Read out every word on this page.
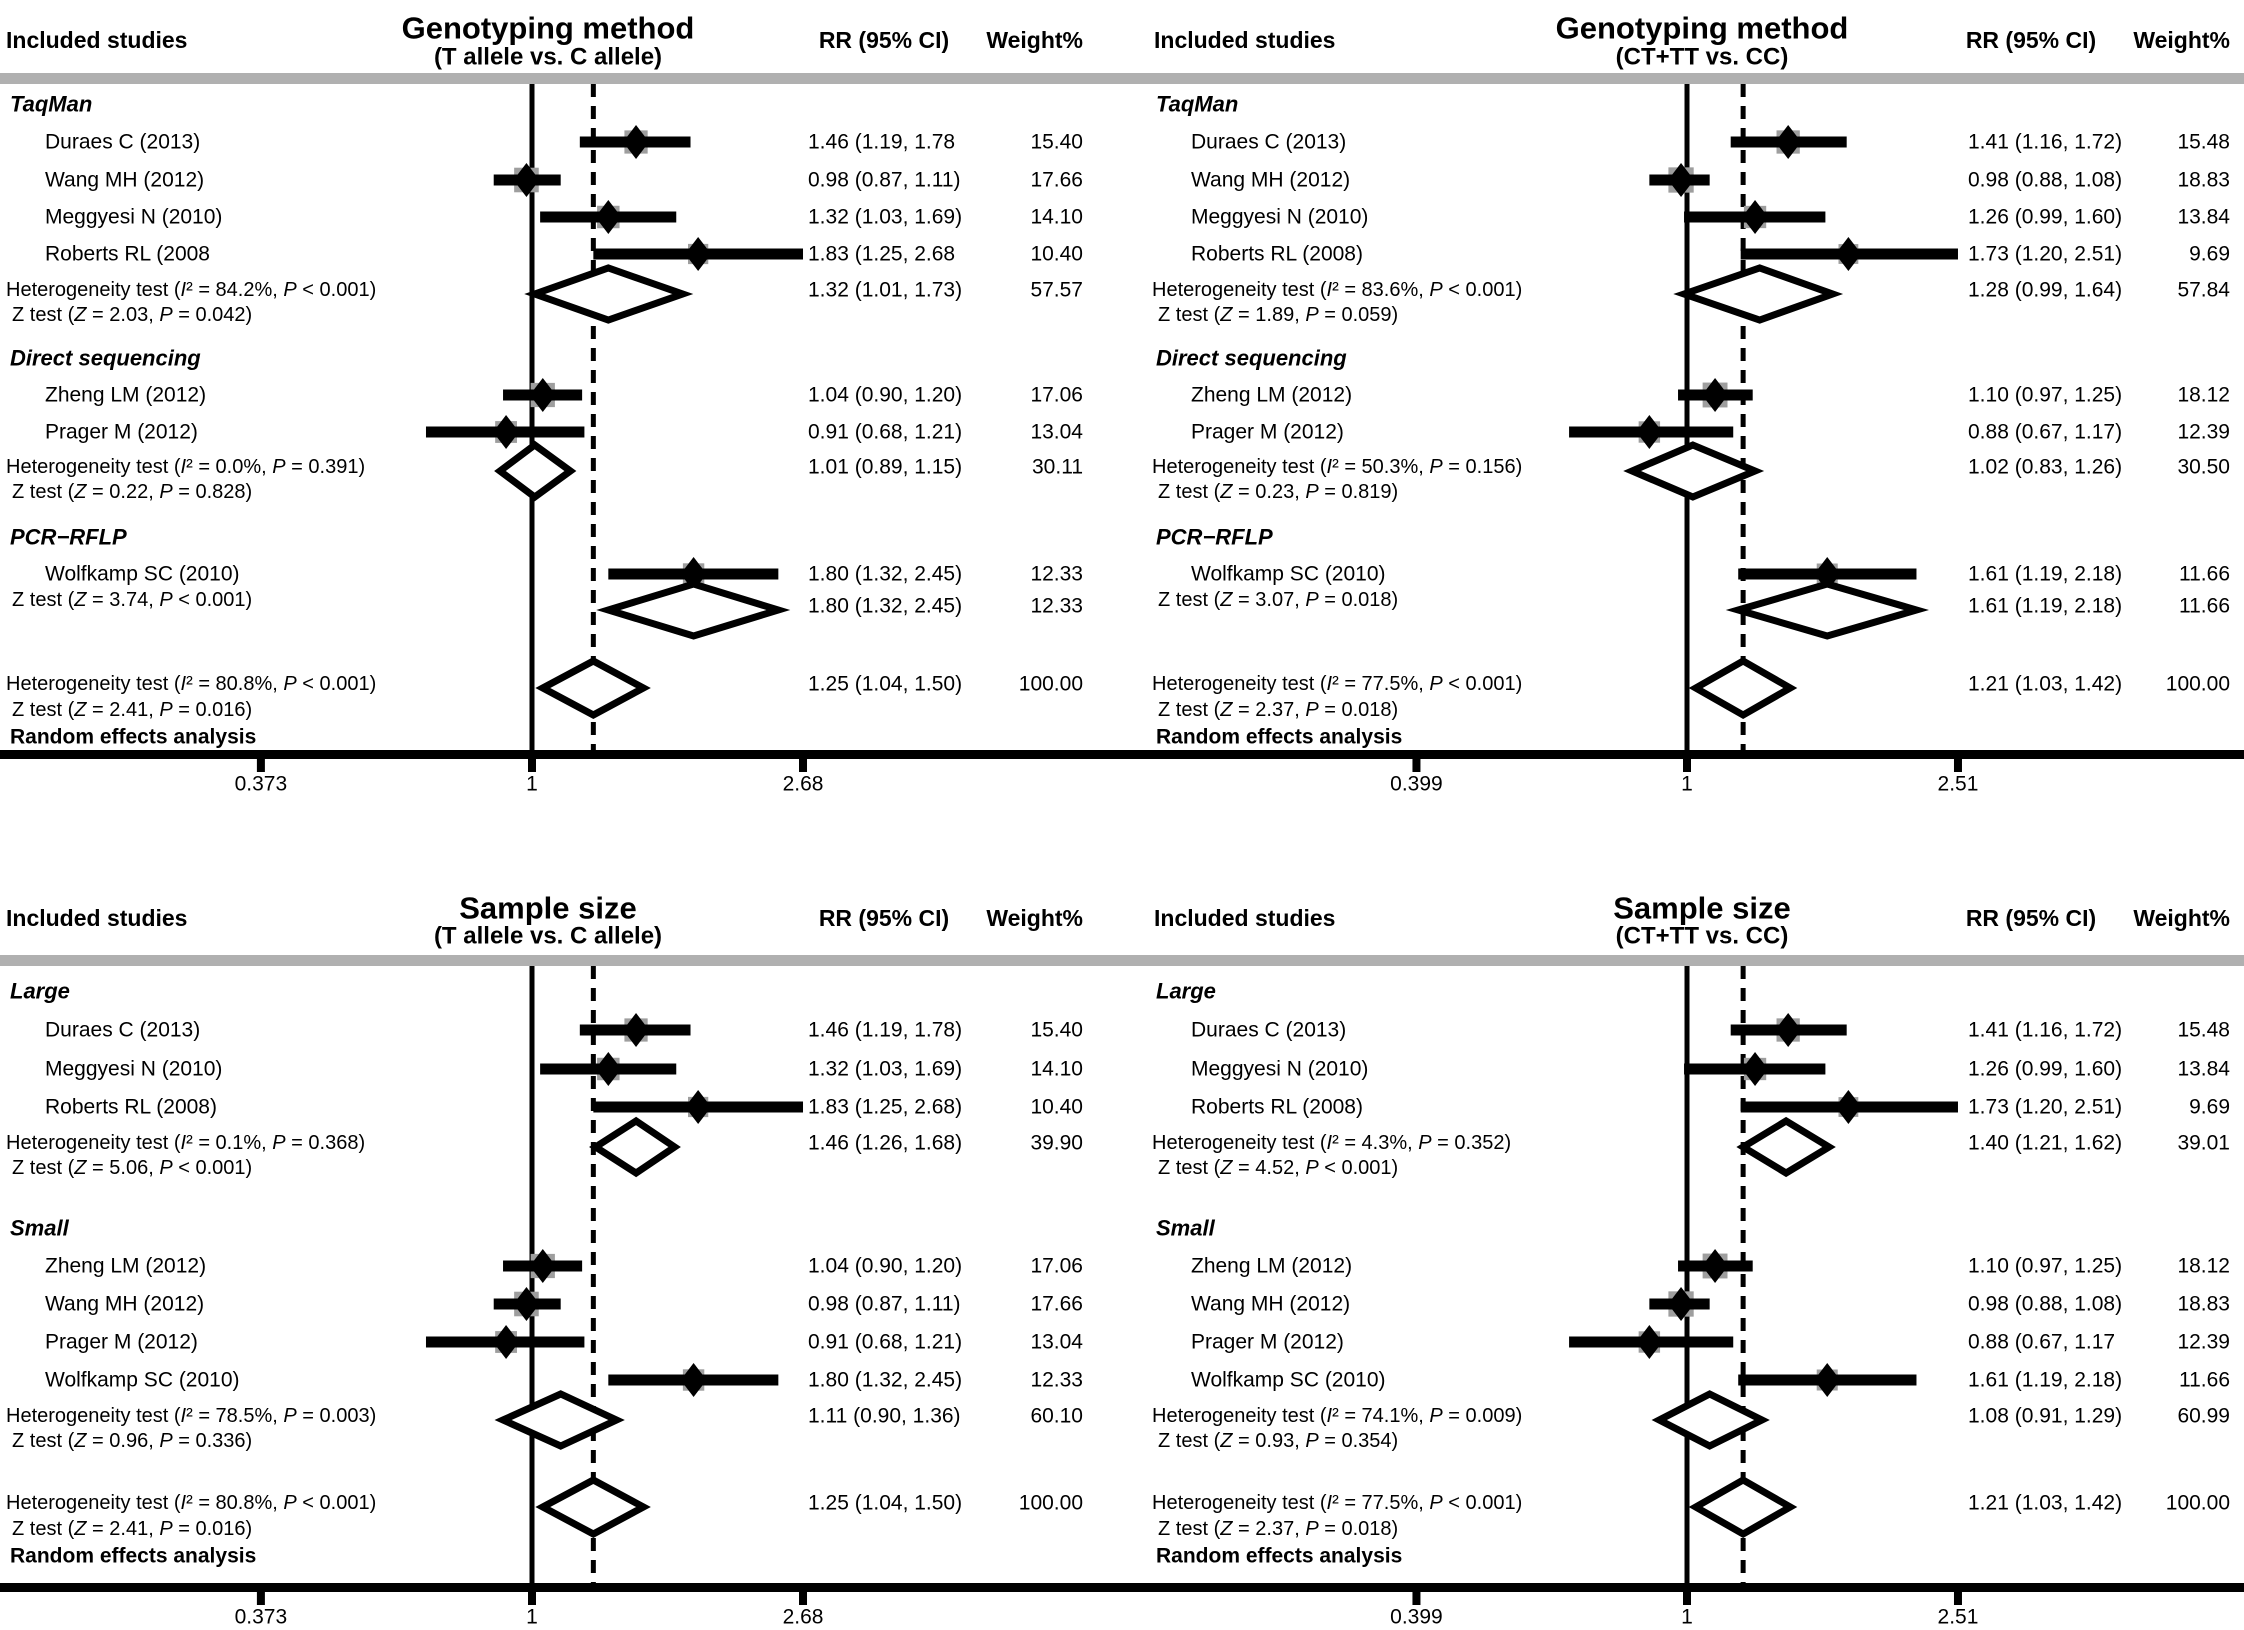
Included studies	Genotyping method
(T allele vs. C allele)
RR (95% CI) Weight%
TaqMan
Duraes C (2013)	1.46 (1.19, 1.78	15.40
Wang MH (2012)	0.98 (0.87, 1.11)	17.66
Meggyesi N (2010)	1.32 (1.03, 1.69)	14.10
Roberts RL (2008	1.83 (1.25, 2.68	10.40
Heterogeneity test (I² = 84.2%, P < 0.001)
Z test (Z = 2.03, P = 0.042)
1.32 (1.01, 1.73)	57.57
Direct sequencing
Zheng LM (2012)	1.04 (0.90, 1.20)	17.06
Prager M (2012)	0.91 (0.68, 1.21)	13.04
Heterogeneity test (I² = 0.0%, P = 0.391)
Z test (Z = 0.22, P = 0.828)
1.01 (0.89, 1.15)	30.11
PCR−RFLP
Wolfkamp SC (2010)	1.80 (1.32, 2.45)	12.33
Z test (Z = 3.74, P < 0.001)	1.80 (1.32, 2.45)	12.33
Heterogeneity test (I² = 80.8%, P < 0.001)
Z test (Z = 2.41, P = 0.016)
Random effects analysis
1.25 (1.04, 1.50)	100.00
0.373	1	2.68
Included studies	Genotyping method
(CT+TT vs. CC)
RR (95% CI) Weight%
TaqMan
Duraes C (2013)	1.41 (1.16, 1.72)	15.48
Wang MH (2012)	0.98 (0.88, 1.08)	18.83
Meggyesi N (2010)	1.26 (0.99, 1.60)	13.84
Roberts RL (2008)	1.73 (1.20, 2.51)	9.69
Heterogeneity test (I² = 83.6%, P < 0.001)
Z test (Z = 1.89, P = 0.059)
1.28 (0.99, 1.64)	57.84
Direct sequencing
Zheng LM (2012)	1.10 (0.97, 1.25)	18.12
Prager M (2012)	0.88 (0.67, 1.17)	12.39
Heterogeneity test (I² = 50.3%, P = 0.156)
Z test (Z = 0.23, P = 0.819)
1.02 (0.83, 1.26)	30.50
PCR−RFLP
Wolfkamp SC (2010)	1.61 (1.19, 2.18)	11.66
Z test (Z = 3.07, P = 0.018)	1.61 (1.19, 2.18)	11.66
Heterogeneity test (I² = 77.5%, P < 0.001)
Z test (Z = 2.37, P = 0.018)
Random effects analysis
1.21 (1.03, 1.42) 100.00
0.399	1	2.51
Included studies	Sample size
(T allele vs. C allele)
RR (95% CI) Weight%
Large
Duraes C (2013)	1.46 (1.19, 1.78)	15.40
Meggyesi N (2010)	1.32 (1.03, 1.69)	14.10
Roberts RL (2008)	1.83 (1.25, 2.68)	10.40
Heterogeneity test (I² = 0.1%, P = 0.368)
Z test (Z = 5.06, P < 0.001)
1.46 (1.26, 1.68)	39.90
Small
Zheng LM (2012)	1.04 (0.90, 1.20)	17.06
Wang MH (2012)	0.98 (0.87, 1.11)	17.66
Prager M (2012)	0.91 (0.68, 1.21)	13.04
Wolfkamp SC (2010)	1.80 (1.32, 2.45)	12.33
Heterogeneity test (I² = 78.5%, P = 0.003)
Z test (Z = 0.96, P = 0.336)
1.11 (0.90, 1.36)	60.10
Heterogeneity test (I² = 80.8%, P < 0.001)
Z test (Z = 2.41, P = 0.016)
Random effects analysis
1.25 (1.04, 1.50)	100.00
0.373	1	2.68
Included studies	Sample size
(CT+TT vs. CC)
RR (95% CI) Weight%
Large
Duraes C (2013)	1.41 (1.16, 1.72)	15.48
Meggyesi N (2010)	1.26 (0.99, 1.60)	13.84
Roberts RL (2008)	1.73 (1.20, 2.51)	9.69
Heterogeneity test (I² = 4.3%, P = 0.352)
Z test (Z = 4.52, P < 0.001)
1.40 (1.21, 1.62)	39.01
Small
Zheng LM (2012)	1.10 (0.97, 1.25)	18.12
Wang MH (2012)	0.98 (0.88, 1.08)	18.83
Prager M (2012)	0.88 (0.67, 1.17	12.39
Wolfkamp SC (2010)	1.61 (1.19, 2.18)	11.66
Heterogeneity test (I² = 74.1%, P = 0.009)
Z test (Z = 0.93, P = 0.354)
1.08 (0.91, 1.29)	60.99
Heterogeneity test (I² = 77.5%, P < 0.001)
Z test (Z = 2.37, P = 0.018)
Random effects analysis
1.21 (1.03, 1.42) 100.00
0.399	1	2.51
